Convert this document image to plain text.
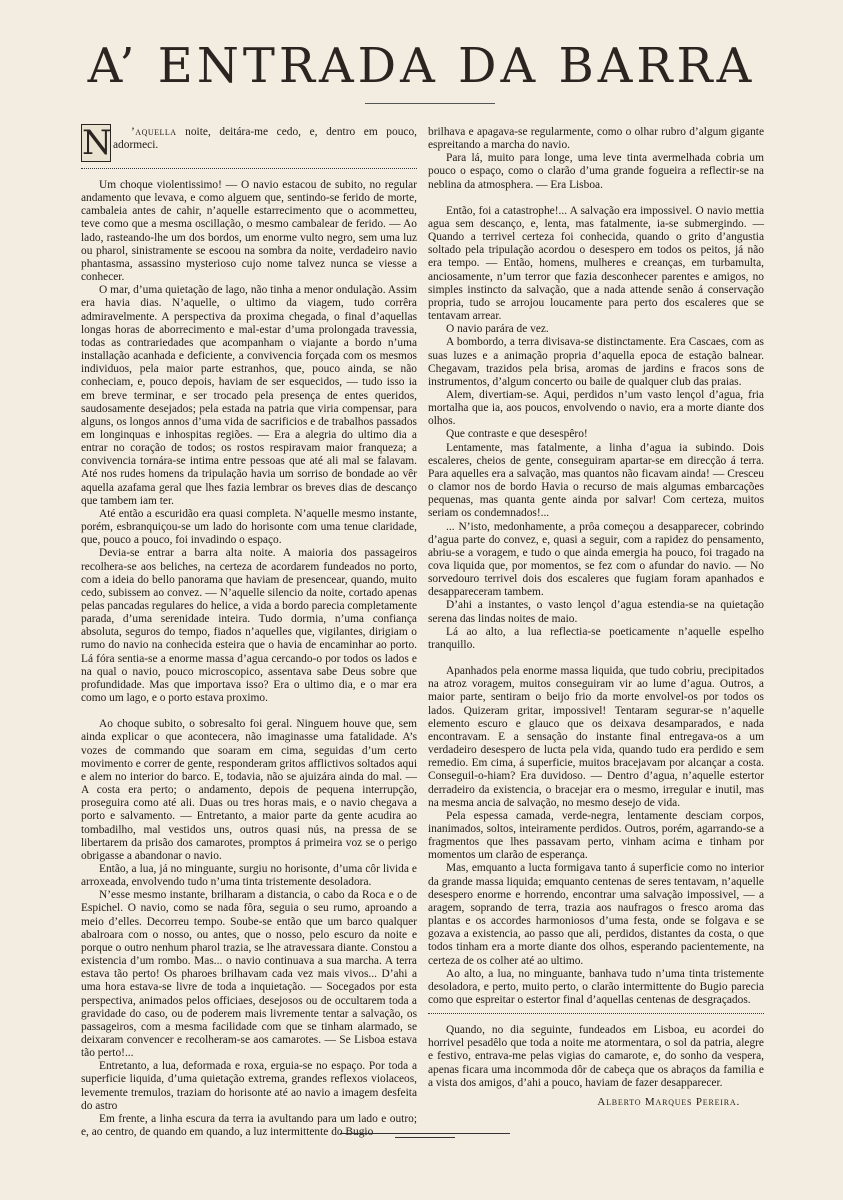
A’ ENTRADA DA BARRA
N	’aquella noite, deitára-me cedo, e, dentro em pouco, adormeci.

Um choque violentissimo! — O navio estacou de subito, no regular andamento que levava, e como alguem que, sentindo-se ferido de morte, cambaleia antes de cahir, n’aquelle estarrecimento que o acommetteu, teve como que a mesma oscillação, o mesmo cambalear de ferido. — Ao lado, rasteando-lhe um dos bordos, um enorme vulto negro, sem uma luz ou pharol, sinistramente se escoou na sombra da noite, verdadeiro navio phantasma, assassino mysterioso cujo nome talvez nunca se viesse a conhecer.

O mar, d’uma quietação de lago, não tinha a menor ondulação. Assim era havia dias. N’aquelle, o ultimo da viagem, tudo corrêra admiravelmente. A perspectiva da proxima chegada, o final d’aquellas longas horas de aborrecimento e mal-estar d’uma prolongada travessia, todas as contrariedades que acompanham o viajante a bordo n’uma installação acanhada e deficiente, a convivencia forçada com os mesmos individuos, pela maior parte estranhos, que, pouco ainda, se não conheciam, e, pouco depois, haviam de ser esquecidos, — tudo isso ia em breve terminar, e ser trocado pela presença de entes queridos, saudosamente desejados; pela estada na patria que viria compensar, para alguns, os longos annos d’uma vida de sacrificios e de trabalhos passados em longinquas e inhospitas regiões. — Era a alegria do ultimo dia a entrar no coração de todos; os rostos respiravam maior franqueza; a convivencia tornára-se intima entre pessoas que até ali mal se falavam. Até nos rudes homens da tripulação havia um sorriso de bondade ao vêr aquella azafama geral que lhes fazia lembrar os breves dias de descanço que tambem iam ter.

Até então a escuridão era quasi completa. N’aquelle mesmo instante, porém, esbranquiçou-se um lado do horisonte com uma tenue claridade, que, pouco a pouco, foi invadindo o espaço.

Devia-se entrar a barra alta noite. A maioria dos passageiros recolhera-se aos beliches, na certeza de acordarem fundeados no porto, com a ideia do bello panorama que haviam de presencear, quando, muito cedo, subissem ao convez. — N’aquelle silencio da noite, cortado apenas pelas pancadas regulares do helice, a vida a bordo parecia completamente parada, d’uma serenidade inteira. Tudo dormia, n’uma confiança absoluta, seguros do tempo, fiados n’aquelles que, vigilantes, dirigiam o rumo do navio na conhecida esteira que o havia de encaminhar ao porto. Lá fóra sentia-se a enorme massa d’agua cercando-o por todos os lados e na qual o navio, pouco microscopico, assentava sabe Deus sobre que profundidade. Mas que importava isso? Era o ultimo dia, e o mar era como um lago, e o porto estava proximo.

Ao choque subito, o sobresalto foi geral. Ninguem houve que, sem ainda explicar o que acontecera, não imaginasse uma fatalidade. A’s vozes de commando que soaram em cima, seguidas d’um certo movimento e correr de gente, responderam gritos afflictivos soltados aqui e alem no interior do barco. E, todavia, não se ajuizára ainda do mal. — A costa era perto; o andamento, depois de pequena interrupção, proseguira como até ali. Duas ou tres horas mais, e o navio chegava a porto e salvamento. — Entretanto, a maior parte da gente acudira ao tombadilho, mal vestidos uns, outros quasi nús, na pressa de se libertarem da prisão dos camarotes, promptos á primeira voz se o perigo obrigasse a abandonar o navio.

Então, a lua, já no minguante, surgiu no horisonte, d’uma côr livida e arroxeada, envolvendo tudo n’uma tinta tristemente desoladora.

N’esse mesmo instante, brilharam a distancia, o cabo da Roca e o de Espichel. O navio, como se nada fôra, seguia o seu rumo, aproando a meio d’elles. Decorreu tempo. Soube-se então que um barco qualquer abalroara com o nosso, ou antes, que o nosso, pelo escuro da noite e porque o outro nenhum pharol trazia, se lhe atravessara diante. Constou a existencia d’um rombo. Mas... o navio continuava a sua marcha. A terra estava tão perto! Os pharoes brilhavam cada vez mais vivos... D’ahi a uma hora estava-se livre de toda a inquietação. — Socegados por esta perspectiva, animados pelos officiaes, desejosos ou de occultarem toda a gravidade do caso, ou de poderem mais livremente tentar a salvação, os passageiros, com a mesma facilidade com que se tinham alarmado, se deixaram convencer e recolheram-se aos camarotes. — Se Lisboa estava tão perto!...

Entretanto, a lua, deformada e roxa, erguia-se no espaço. Por toda a superficie liquida, d’uma quietação extrema, grandes reflexos violaceos, levemente tremulos, traziam do horisonte até ao navio a imagem desfeita do astro

Em frente, a linha escura da terra ia avultando para um lado e outro; e, ao centro, de quando em quando, a luz intermittente do Bugio

brilhava e apagava-se regularmente, como o olhar rubro d’algum gigante espreitando a marcha do navio.

Para lá, muito para longe, uma leve tinta avermelhada cobria um pouco o espaço, como o clarão d’uma grande fogueira a reflectir-se na neblina da atmosphera. — Era Lisboa.

Então, foi a catastrophe!... A salvação era impossivel. O navio mettia agua sem descanço, e, lenta, mas fatalmente, ia-se submergindo. — Quando a terrivel certeza foi conhecida, quando o grito d’angustia soltado pela tripulação acordou o desespero em todos os peitos, já não era tempo. — Então, homens, mulheres e creanças, em turbamulta, anciosamente, n’um terror que fazia desconhecer parentes e amigos, no simples instincto da salvação, que a nada attende senão á conservação propria, tudo se arrojou loucamente para perto dos escaleres que se tentavam arrear.

O navio parára de vez.

A bombordo, a terra divisava-se distinctamente. Era Cascaes, com as suas luzes e a animação propria d’aquella epoca de estação balnear. Chegavam, trazidos pela brisa, aromas de jardins e fracos sons de instrumentos, d’algum concerto ou baile de qualquer club das praias.

Alem, divertiam-se. Aqui, perdidos n’um vasto lençol d’agua, fria mortalha que ia, aos poucos, envolvendo o navio, era a morte diante dos olhos.

Que contraste e que desespêro!

Lentamente, mas fatalmente, a linha d’agua ia subindo. Dois escaleres, cheios de gente, conseguiram apartar-se em direcção á terra. Para aquelles era a salvação, mas quantos não ficavam ainda! — Cresceu o clamor nos de bordo Havia o recurso de mais algumas embarcações pequenas, mas quanta gente ainda por salvar! Com certeza, muitos seriam os condemnados!...

... N’isto, medonhamente, a prôa começou a desapparecer, cobrindo d’agua parte do convez, e, quasi a seguir, com a rapidez do pensamento, abriu-se a voragem, e tudo o que ainda emergia ha pouco, foi tragado na cova liquida que, por momentos, se fez com o afundar do navio. — No sorvedouro terrivel dois dos escaleres que fugiam foram apanhados e desappareceram tambem.

D’ahi a instantes, o vasto lençol d’agua estendia-se na quietação serena das lindas noites de maio.

Lá ao alto, a lua reflectia-se poeticamente n’aquelle espelho tranquillo.

Apanhados pela enorme massa liquida, que tudo cobriu, precipitados na atroz voragem, muitos conseguiram vir ao lume d’agua. Outros, a maior parte, sentiram o beijo frio da morte envolvel-os por todos os lados. Quizeram gritar, impossivel! Tentaram segurar-se n’aquelle elemento escuro e glauco que os deixava desamparados, e nada encontravam. E a sensação do instante final entregava-os a um verdadeiro desespero de lucta pela vida, quando tudo era perdido e sem remedio. Em cima, á superficie, muitos bracejavam por alcançar a costa. Conseguil-o-hiam? Era duvidoso. — Dentro d’agua, n’aquelle estertor derradeiro da existencia, o bracejar era o mesmo, irregular e inutil, mas na mesma ancia de salvação, no mesmo desejo de vida.

Pela espessa camada, verde-negra, lentamente desciam corpos, inanimados, soltos, inteiramente perdidos. Outros, porém, agarrando-se a fragmentos que lhes passavam perto, vinham acima e tinham por momentos um clarão de esperança.

Mas, emquanto a lucta formigava tanto á superficie como no interior da grande massa liquida; emquanto centenas de seres tentavam, n’aquelle desespero enorme e horrendo, encontrar uma salvação impossivel, — a aragem, soprando de terra, trazia aos naufragos o fresco aroma das plantas e os accordes harmoniosos d’uma festa, onde se folgava e se gozava a existencia, ao passo que ali, perdidos, distantes da costa, o que todos tinham era a morte diante dos olhos, esperando pacientemente, na certeza de os colher até ao ultimo.

Ao alto, a lua, no minguante, banhava tudo n’uma tinta tristemente desoladora, e perto, muito perto, o clarão intermittente do Bugio parecia como que espreitar o estertor final d’aquellas centenas de desgraçados.

Quando, no dia seguinte, fundeados em Lisboa, eu acordei do horrivel pesadêlo que toda a noite me atormentara, o sol da patria, alegre e festivo, entrava-me pelas vigias do camarote, e, do sonho da vespera, apenas ficara uma incommoda dôr de cabeça que os abraços da familia e a vista dos amigos, d’ahi a pouco, haviam de fazer desapparecer.

Alberto Marques Pereira.
